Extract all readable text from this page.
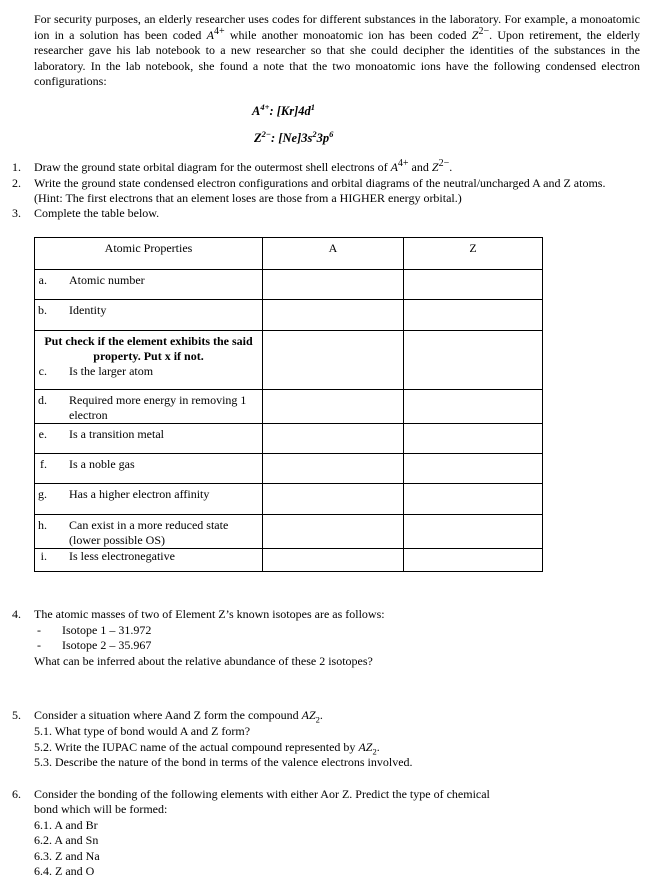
For security purposes, an elderly researcher uses codes for different substances in the laboratory. For example, a monoatomic ion in a solution has been coded $A^{4+}$ while another monoatomic ion has been coded $Z^{2-}$. Upon retirement, the elderly researcher gave his lab notebook to a new researcher so that she could decipher the identities of the substances in the laboratory. In the lab notebook, she found a note that the two monoatomic ions have the following condensed electron configurations:

$A^{4+}$: $[Kr]4d^1$
$Z^{2-}$: $[Ne]3s^23p^6$
1. Draw the ground state orbital diagram for the outermost shell electrons of $A^{4+}$ and $Z^{2-}$.
2. Write the ground state condensed electron configurations and orbital diagrams of the neutral/uncharged A and Z atoms.
(Hint: The first electrons that an element loses are those from a HIGHER energy orbital.)
3. Complete the table below.
Atomic Properties	A	Z

a. Atomic number		

b. Identity		

Put check if the element exhibits the said property. Put x if not.
c. Is the larger atom		

d. Required more energy in removing 1 electron		

e. Is a transition metal		

f. Is a noble gas		

g. Has a higher electron affinity		

h. Can exist in a more reduced state (lower possible OS)		

i. Is less electronegative		

4. The atomic masses of two of Element Z’s known isotopes are as follows:
-	Isotope 1 – 31.972
-	Isotope 2 – 35.967
What can be inferred about the relative abundance of these 2 isotopes?
5. Consider a situation where Aand Z form the compound $AZ_2$.
5.1. What type of bond would A and Z form?
5.2. Write the IUPAC name of the actual compound represented by $AZ_2$.
5.3. Describe the nature of the bond in terms of the valence electrons involved.
6. Consider the bonding of the following elements with either Aor Z. Predict the type of chemical
bond which will be formed:
6.1. A and Br
6.2. A and Sn
6.3. Z and Na
6.4. Z and O
